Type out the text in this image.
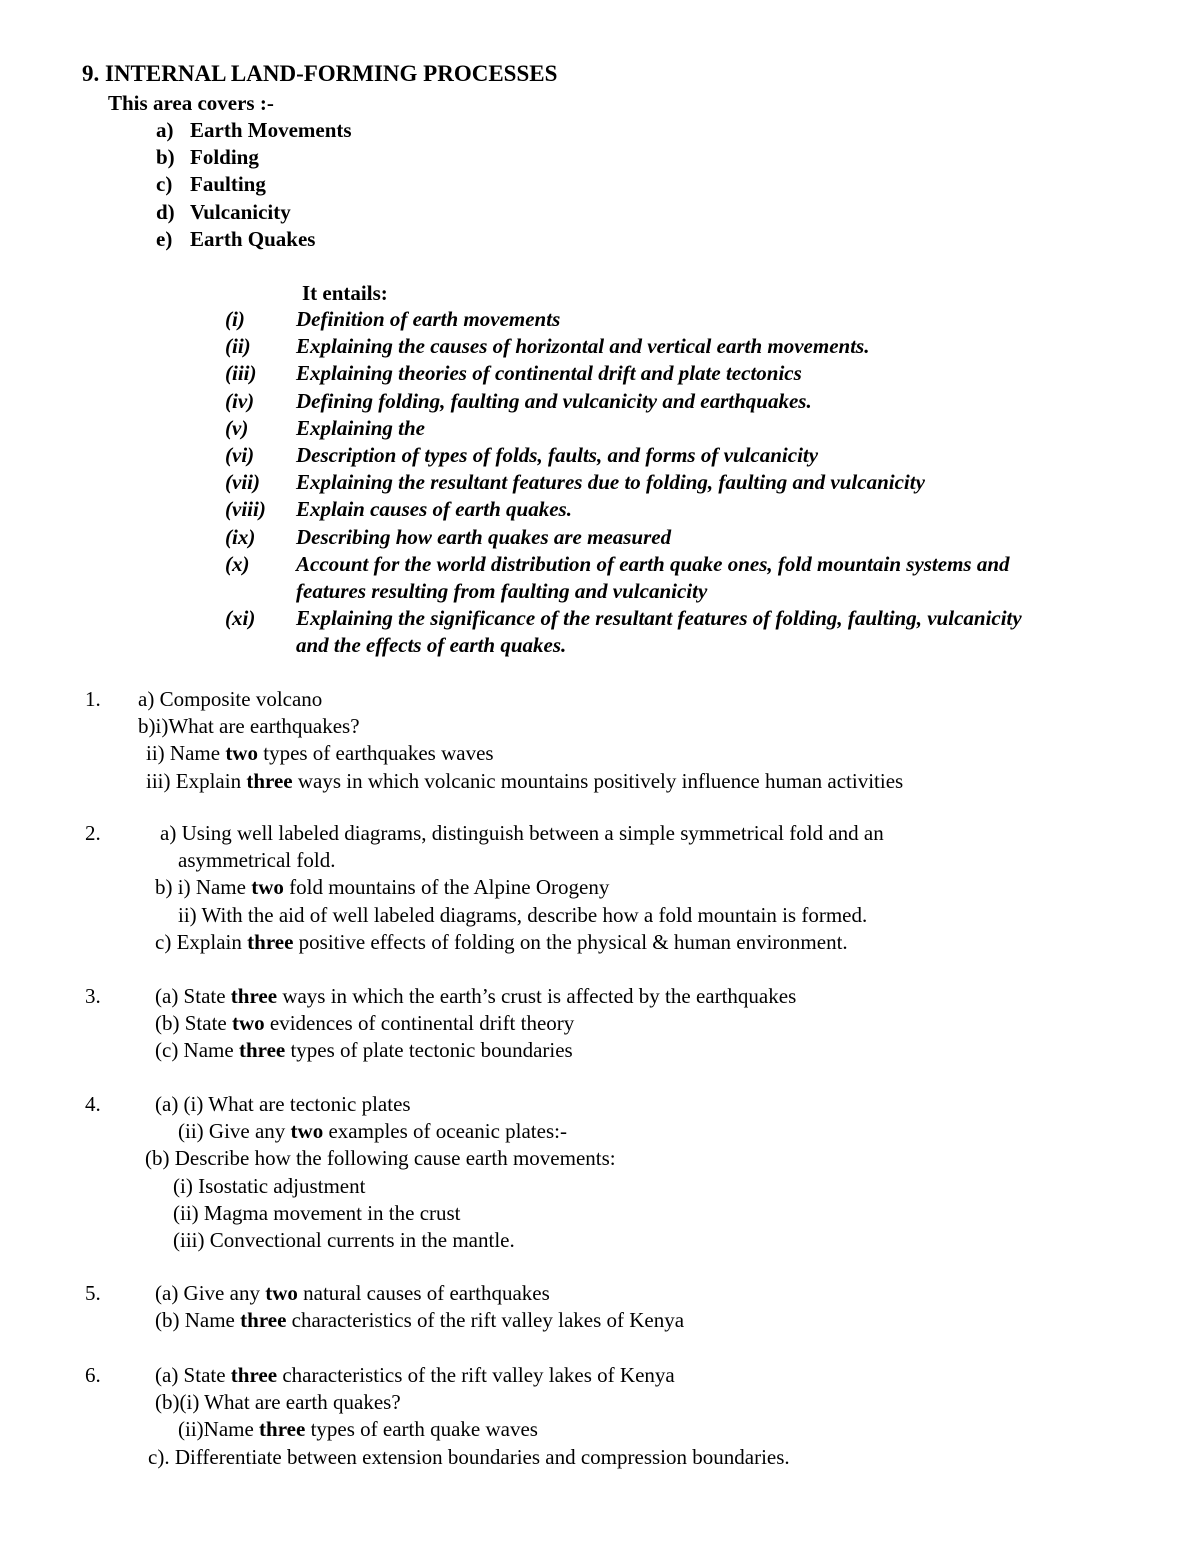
9. INTERNAL LAND-FORMING PROCESSES
This area covers :-
a) Earth Movements
b) Folding
c) Faulting
d) Vulcanicity
e) Earth Quakes
It entails:
(i) Definition of earth movements
(ii) Explaining the causes of horizontal and vertical earth movements.
(iii) Explaining theories of continental drift and plate tectonics
(iv) Defining folding, faulting and vulcanicity and earthquakes.
(v) Explaining the
(vi) Description of types of folds, faults, and forms of vulcanicity
(vii) Explaining the resultant features due to folding, faulting and vulcanicity
(viii) Explain causes of earth quakes.
(ix) Describing how earth quakes are measured
(x) Account for the world distribution of earth quake ones, fold mountain systems and
features resulting from faulting and vulcanicity
(xi) Explaining the significance of the resultant features of folding, faulting, vulcanicity
and the effects of earth quakes.
1. a) Composite volcano
b)i)What are earthquakes?
ii) Name two types of earthquakes waves
iii) Explain three ways in which volcanic mountains positively influence human activities
2.	a) Using well labeled diagrams, distinguish between a simple symmetrical fold and an
asymmetrical fold.
b) i) Name two fold mountains of the Alpine Orogeny
ii) With the aid of well labeled diagrams, describe how a fold mountain is formed.
c) Explain three positive effects of folding on the physical & human environment.
3.	(a) State three ways in which the earth’s crust is affected by the earthquakes
(b) State two evidences of continental drift theory
(c) Name three types of plate tectonic boundaries
4.	(a) (i) What are tectonic plates
(ii) Give any two examples of oceanic plates:-
(b) Describe how the following cause earth movements:
(i) Isostatic adjustment
(ii) Magma movement in the crust
(iii) Convectional currents in the mantle.
5.	(a) Give any two natural causes of earthquakes
(b) Name three characteristics of the rift valley lakes of Kenya
6.	(a) State three characteristics of the rift valley lakes of Kenya
(b)(i) What are earth quakes?
(ii)Name three types of earth quake waves
c). Differentiate between extension boundaries and compression boundaries.
